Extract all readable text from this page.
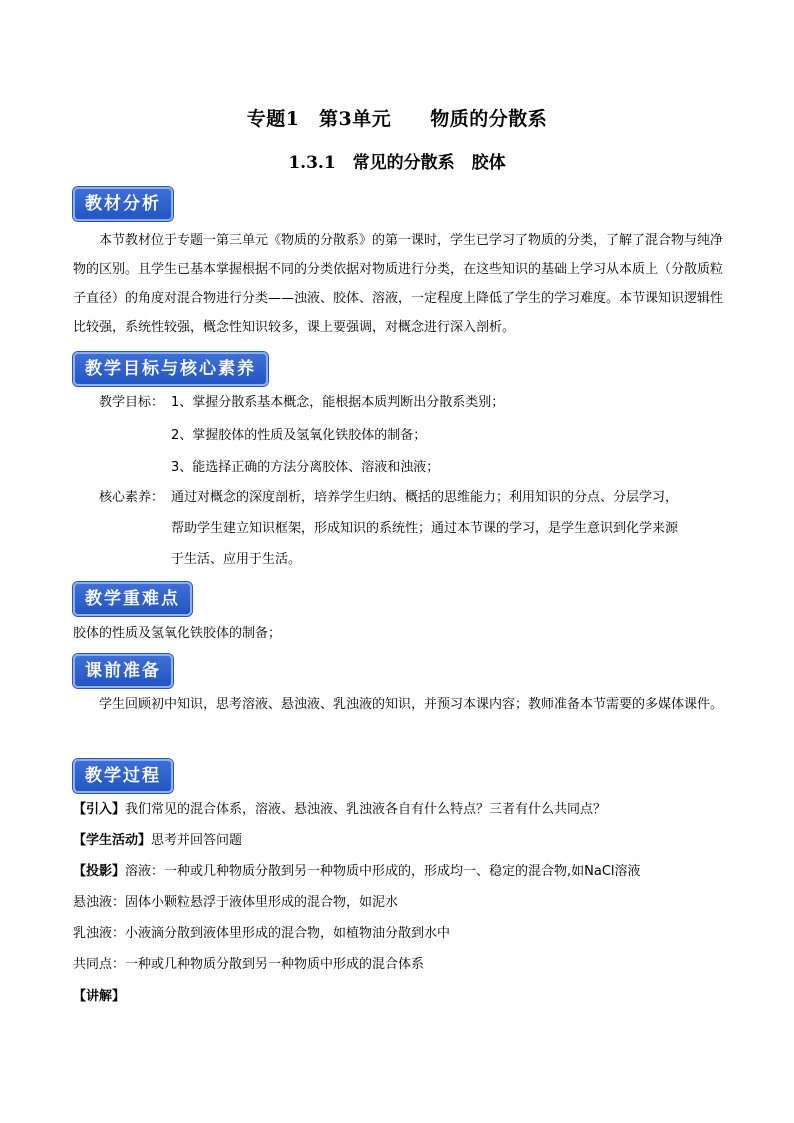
专题1　第3单元　　物质的分散系
1.3.1　常见的分散系　胶体
教材分析
本节教材位于专题一第三单元《物质的分散系》的第一课时，学生已学习了物质的分类，了解了混合物与纯净物的区别。且学生已基本掌握根据不同的分类依据对物质进行分类，在这些知识的基础上学习从本质上（分散质粒子直径）的角度对混合物进行分类——浊液、胶体、溶液，一定程度上降低了学生的学习难度。本节课知识逻辑性比较强，系统性较强，概念性知识较多，课上要强调，对概念进行深入剖析。
教学目标与核心素养
教学目标： 1、掌握分散系基本概念，能根据本质判断出分散系类别；
2、掌握胶体的性质及氢氧化铁胶体的制备；
3、能选择正确的方法分离胶体、溶液和浊液；
核心素养： 通过对概念的深度剖析，培养学生归纳、概括的思维能力；利用知识的分点、分层学习，
帮助学生建立知识框架，形成知识的系统性；通过本节课的学习，是学生意识到化学来源
于生活、应用于生活。
教学重难点
胶体的性质及氢氧化铁胶体的制备；
课前准备
学生回顾初中知识，思考溶液、悬浊液、乳浊液的知识，并预习本课内容；教师准备本节需要的多媒体课件。
教学过程
【引入】我们常见的混合体系，溶液、悬浊液、乳浊液各自有什么特点？三者有什么共同点？
【学生活动】思考并回答问题
【投影】溶液：一种或几种物质分散到另一种物质中形成的，形成均一、稳定的混合物,如NaCl溶液
悬浊液：固体小颗粒悬浮于液体里形成的混合物，如泥水
乳浊液：小液滴分散到液体里形成的混合物，如植物油分散到水中
共同点：一种或几种物质分散到另一种物质中形成的混合体系
【讲解】
